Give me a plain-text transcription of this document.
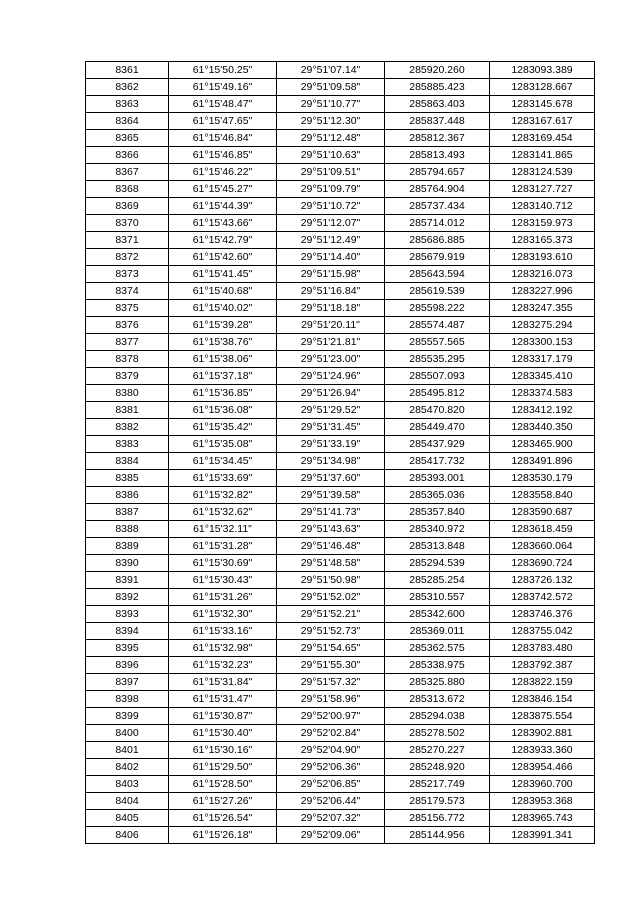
8361	61°15'50.25"	29°51'07.14"	285920.260	1283093.389
8362	61°15'49.16"	29°51'09.58"	285885.423	1283128.667
8363	61°15'48.47"	29°51'10.77"	285863.403	1283145.678
8364	61°15'47.65"	29°51'12.30"	285837.448	1283167.617
8365	61°15'46.84"	29°51'12.48"	285812.367	1283169.454
8366	61°15'46.85"	29°51'10.63"	285813.493	1283141.865
8367	61°15'46.22"	29°51'09.51"	285794.657	1283124.539
8368	61°15'45.27"	29°51'09.79"	285764.904	1283127.727
8369	61°15'44.39"	29°51'10.72"	285737.434	1283140.712
8370	61°15'43.66"	29°51'12.07"	285714.012	1283159.973
8371	61°15'42.79"	29°51'12.49"	285686.885	1283165.373
8372	61°15'42.60"	29°51'14.40"	285679.919	1283193.610
8373	61°15'41.45"	29°51'15.98"	285643.594	1283216.073
8374	61°15'40.68"	29°51'16.84"	285619.539	1283227.996
8375	61°15'40.02"	29°51'18.18"	285598.222	1283247.355
8376	61°15'39.28"	29°51'20.11"	285574.487	1283275.294
8377	61°15'38.76"	29°51'21.81"	285557.565	1283300.153
8378	61°15'38.06"	29°51'23.00"	285535.295	1283317.179
8379	61°15'37.18"	29°51'24.96"	285507.093	1283345.410
8380	61°15'36.85"	29°51'26.94"	285495.812	1283374.583
8381	61°15'36.08"	29°51'29.52"	285470.820	1283412.192
8382	61°15'35.42"	29°51'31.45"	285449.470	1283440.350
8383	61°15'35.08"	29°51'33.19"	285437.929	1283465.900
8384	61°15'34.45"	29°51'34.98"	285417.732	1283491.896
8385	61°15'33.69"	29°51'37.60"	285393.001	1283530.179
8386	61°15'32.82"	29°51'39.58"	285365.036	1283558.840
8387	61°15'32.62"	29°51'41.73"	285357.840	1283590.687
8388	61°15'32.11"	29°51'43.63"	285340.972	1283618.459
8389	61°15'31.28"	29°51'46.48"	285313.848	1283660.064
8390	61°15'30.69"	29°51'48.58"	285294.539	1283690.724
8391	61°15'30.43"	29°51'50.98"	285285.254	1283726.132
8392	61°15'31.26"	29°51'52.02"	285310.557	1283742.572
8393	61°15'32.30"	29°51'52.21"	285342.600	1283746.376
8394	61°15'33.16"	29°51'52.73"	285369.011	1283755.042
8395	61°15'32.98"	29°51'54.65"	285362.575	1283783.480
8396	61°15'32.23"	29°51'55.30"	285338.975	1283792.387
8397	61°15'31.84"	29°51'57.32"	285325.880	1283822.159
8398	61°15'31.47"	29°51'58.96"	285313.672	1283846.154
8399	61°15'30.87"	29°52'00.97"	285294.038	1283875.554
8400	61°15'30.40"	29°52'02.84"	285278.502	1283902.881
8401	61°15'30.16"	29°52'04.90"	285270.227	1283933.360
8402	61°15'29.50"	29°52'06.36"	285248.920	1283954.466
8403	61°15'28.50"	29°52'06.85"	285217.749	1283960.700
8404	61°15'27.26"	29°52'06.44"	285179.573	1283953.368
8405	61°15'26.54"	29°52'07.32"	285156.772	1283965.743
8406	61°15'26.18"	29°52'09.06"	285144.956	1283991.341
